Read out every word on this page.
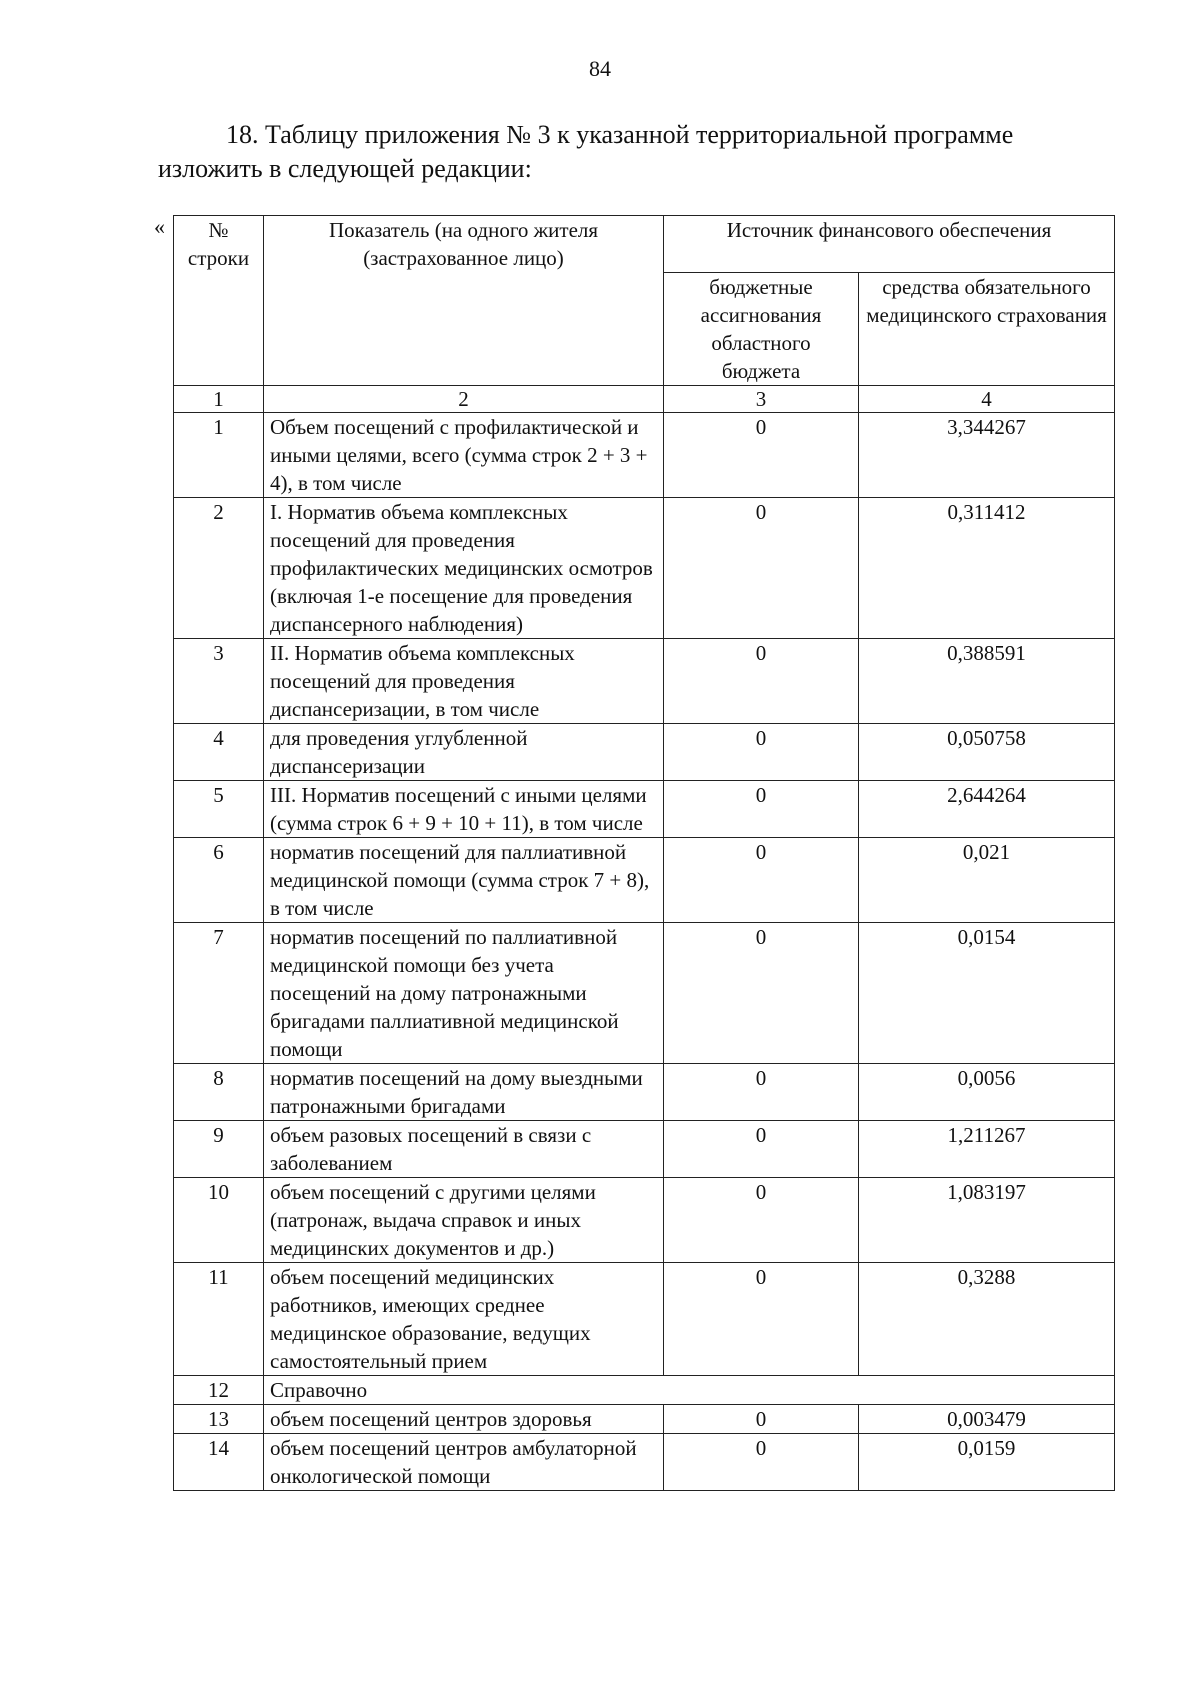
84

18. Таблицу приложения № 3 к указанной территориальной программе

изложить в следующей редакции:
« № строки	Показатель (на одного жителя (застрахованное лицо)	Источник финансового обеспечения	
		бюджетные ассигнования областного бюджета	средства обязательного медицинского страхования
1	2	3	4
1	Объем посещений с профилактической и иными целями, всего (сумма строк 2 + 3 + 4), в том числе	0	3,344267
2	I. Норматив объема комплексных посещений для проведения профилактических медицинских осмотров (включая 1-е посещение для проведения диспансерного наблюдения)	0	0,311412
3	II. Норматив объема комплексных посещений для проведения диспансеризации, в том числе	0	0,388591
4	для проведения углубленной диспансеризации	0	0,050758
5	III. Норматив посещений с иными целями (сумма строк 6 + 9 + 10 + 11), в том числе	0	2,644264
6	норматив посещений для паллиативной медицинской помощи (сумма строк 7 + 8), в том числе	0	0,021
7	норматив посещений по паллиативной медицинской помощи без учета посещений на дому патронажными бригадами паллиативной медицинской помощи	0	0,0154
8	норматив посещений на дому выездными патронажными бригадами	0	0,0056
9	объем разовых посещений в связи с заболеванием	0	1,211267
10	объем посещений с другими целями (патронаж, выдача справок и иных медицинских документов и др.)	0	1,083197
11	объем посещений медицинских работников, имеющих среднее медицинское образование, ведущих самостоятельный прием	0	0,3288
12	Справочно		
13	объем посещений центров здоровья	0	0,003479
14	объем посещений центров амбулаторной онкологической помощи	0	0,0159
